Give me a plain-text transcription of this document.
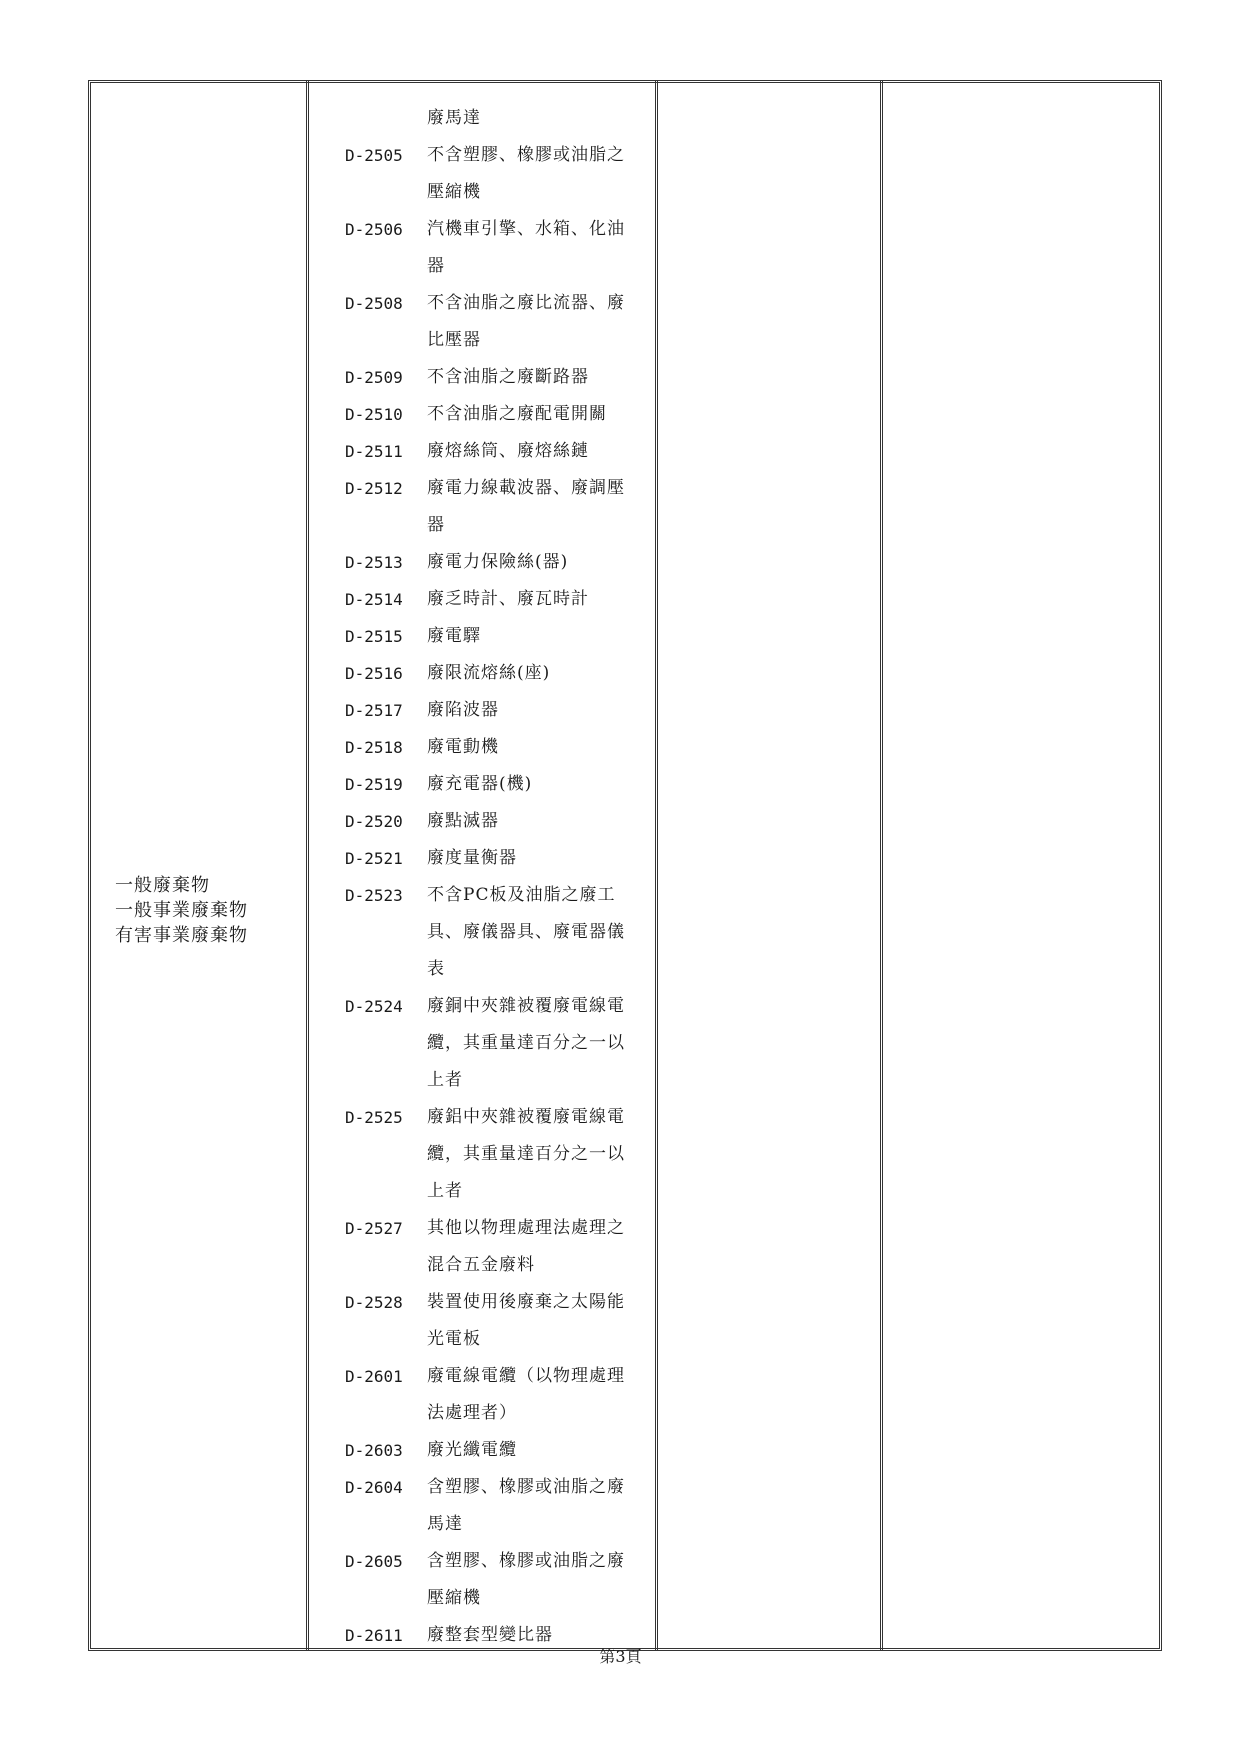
一般廢棄物
一般事業廢棄物
有害事業廢棄物
廢馬達
D-2505	不含塑膠、橡膠或油脂之壓縮機
D-2506	汽機車引擎、水箱、化油器
D-2508	不含油脂之廢比流器、廢比壓器
D-2509	不含油脂之廢斷路器
D-2510	不含油脂之廢配電開關
D-2511	廢熔絲筒、廢熔絲鏈
D-2512	廢電力線載波器、廢調壓器
D-2513	廢電力保險絲(器)
D-2514	廢乏時計、廢瓦時計
D-2515	廢電驛
D-2516	廢限流熔絲(座)
D-2517	廢陷波器
D-2518	廢電動機
D-2519	廢充電器(機)
D-2520	廢點滅器
D-2521	廢度量衡器
D-2523	不含PC板及油脂之廢工具、廢儀器具、廢電器儀表
D-2524	廢銅中夾雜被覆廢電線電纜，其重量達百分之一以上者
D-2525	廢鋁中夾雜被覆廢電線電纜，其重量達百分之一以上者
D-2527	其他以物理處理法處理之混合五金廢料
D-2528	裝置使用後廢棄之太陽能光電板
D-2601	廢電線電纜（以物理處理法處理者）
D-2603	廢光纖電纜
D-2604	含塑膠、橡膠或油脂之廢馬達
D-2605	含塑膠、橡膠或油脂之廢壓縮機
D-2611	廢整套型變比器
第3頁
